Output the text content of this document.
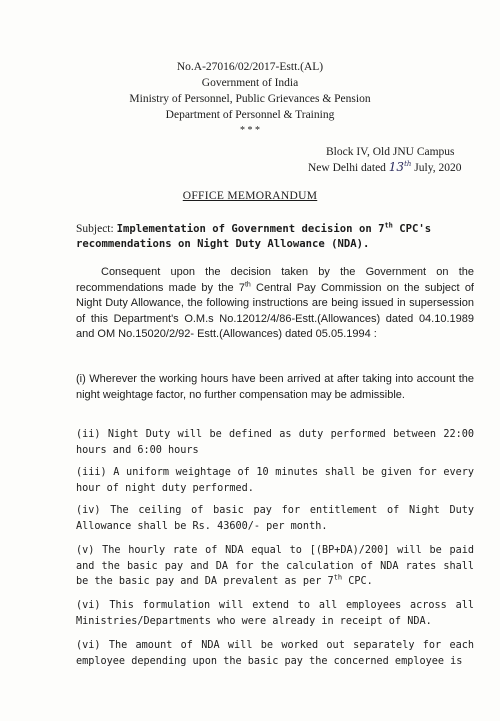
No.A-27016/02/2017-Estt.(AL)
Government of India
Ministry of Personnel, Public Grievances & Pension
Department of Personnel & Training
* * *
Block IV, Old JNU Campus
New Delhi dated 13th July, 2020
OFFICE MEMORANDUM
Subject: Implementation of Government decision on 7th CPC's recommendations on Night Duty Allowance (NDA).
Consequent upon the decision taken by the Government on the recommendations made by the 7th Central Pay Commission on the subject of Night Duty Allowance, the following instructions are being issued in supersession of this Department's O.M.s No.12012/4/86-Estt.(Allowances) dated 04.10.1989 and OM No.15020/2/92- Estt.(Allowances) dated 05.05.1994 :
(i) Wherever the working hours have been arrived at after taking into account the night weightage factor, no further compensation may be admissible.
(ii) Night Duty will be defined as duty performed between 22:00 hours and 6:00 hours
(iii) A uniform weightage of 10 minutes shall be given for every hour of night duty performed.
(iv) The ceiling of basic pay for entitlement of Night Duty Allowance shall be Rs. 43600/- per month.
(v) The hourly rate of NDA equal to [(BP+DA)/200] will be paid and the basic pay and DA for the calculation of NDA rates shall be the basic pay and DA prevalent as per 7th CPC.
(vi) This formulation will extend to all employees across all Ministries/Departments who were already in receipt of NDA.
(vi) The amount of NDA will be worked out separately for each employee depending upon the basic pay the concerned employee is
